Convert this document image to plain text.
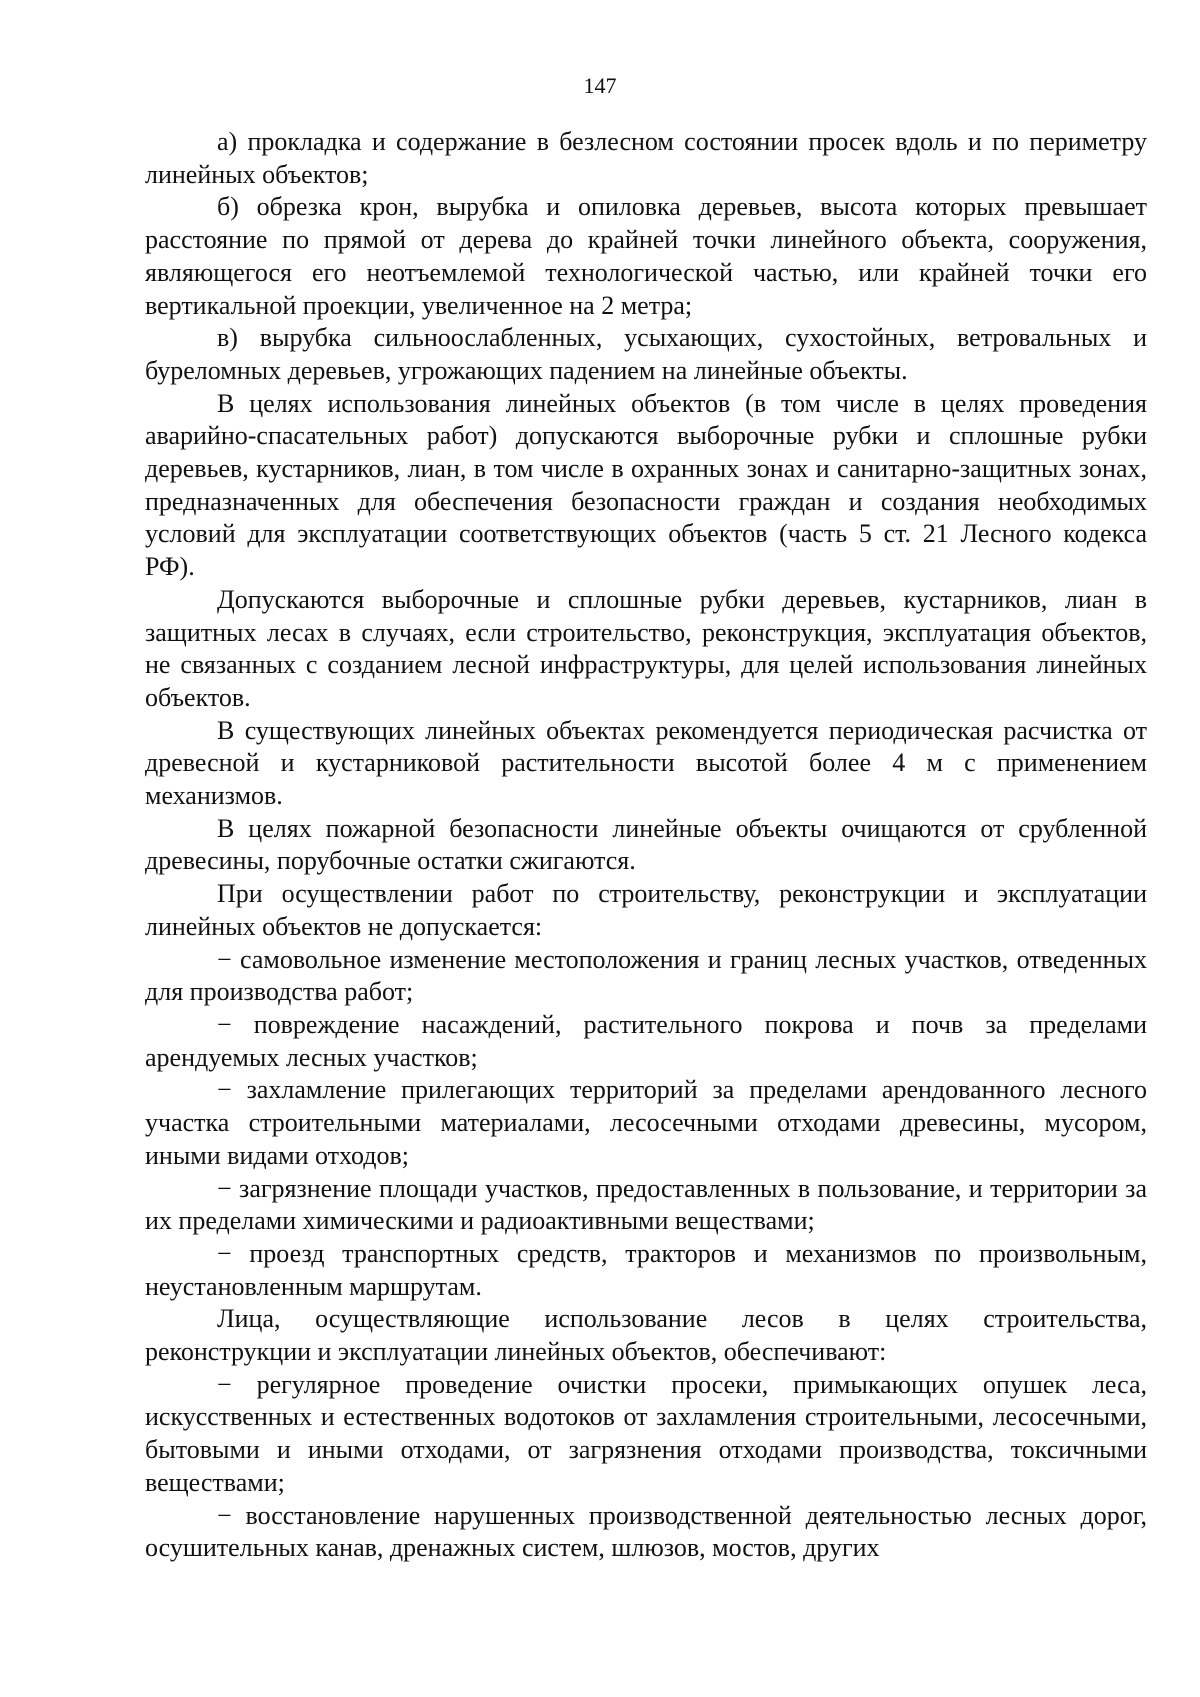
147

а) прокладка и содержание в безлесном состоянии просек вдоль и по периметру линейных объектов;

б) обрезка крон, вырубка и опиловка деревьев, высота которых превышает расстояние по прямой от дерева до крайней точки линейного объекта, сооружения, являющегося его неотъемлемой технологической частью, или крайней точки его вертикальной проекции, увеличенное на 2 метра;

в) вырубка сильноослабленных, усыхающих, сухостойных, ветровальных и буреломных деревьев, угрожающих падением на линейные объекты.

В целях использования линейных объектов (в том числе в целях проведения аварийно-спасательных работ) допускаются выборочные рубки и сплошные рубки деревьев, кустарников, лиан, в том числе в охранных зонах и санитарно-защитных зонах, предназначенных для обеспечения безопасности граждан и создания необходимых условий для эксплуатации соответствующих объектов (часть 5 ст. 21 Лесного кодекса РФ).

Допускаются выборочные и сплошные рубки деревьев, кустарников, лиан в защитных лесах в случаях, если строительство, реконструкция, эксплуатация объектов, не связанных с созданием лесной инфраструктуры, для целей использования линейных объектов.

В существующих линейных объектах рекомендуется периодическая расчистка от древесной и кустарниковой растительности высотой более 4 м с применением механизмов.

В целях пожарной безопасности линейные объекты очищаются от срубленной древесины, порубочные остатки сжигаются.

При осуществлении работ по строительству, реконструкции и эксплуатации линейных объектов не допускается:

− самовольное изменение местоположения и границ лесных участков, отведенных для производства работ;

− повреждение насаждений, растительного покрова и почв за пределами арендуемых лесных участков;

− захламление прилегающих территорий за пределами арендованного лесного участка строительными материалами, лесосечными отходами древесины, мусором, иными видами отходов;

− загрязнение площади участков, предоставленных в пользование, и территории за их пределами химическими и радиоактивными веществами;

− проезд транспортных средств, тракторов и механизмов по произвольным, неустановленным маршрутам.

Лица, осуществляющие использование лесов в целях строительства, реконструкции и эксплуатации линейных объектов, обеспечивают:

− регулярное проведение очистки просеки, примыкающих опушек леса, искусственных и естественных водотоков от захламления строительными, лесосечными, бытовыми и иными отходами, от загрязнения отходами производства, токсичными веществами;

− восстановление нарушенных производственной деятельностью лесных дорог, осушительных канав, дренажных систем, шлюзов, мостов, других
